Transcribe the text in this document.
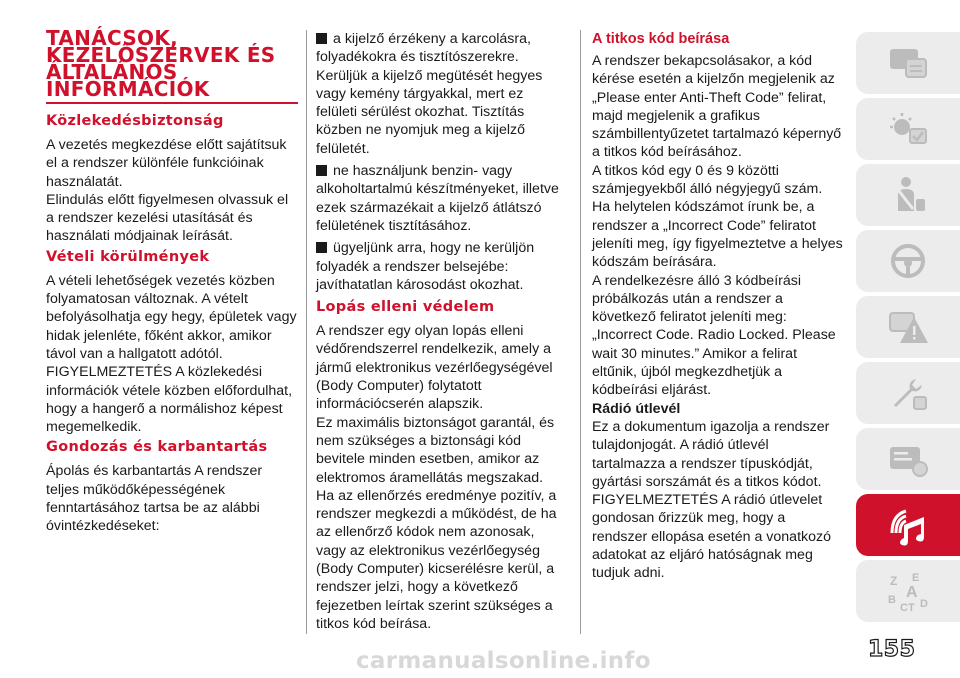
TANÁCSOK, KEZELŐSZERVEK ÉS ÁLTALÁNOS INFORMÁCIÓK
Közlekedésbiztonság
A vezetés megkezdése előtt sajátítsuk el a rendszer különféle funkcióinak használatát.
Elindulás előtt figyelmesen olvassuk el a rendszer kezelési utasítását és használati módjainak leírását.
Vételi körülmények
A vételi lehetőségek vezetés közben folyamatosan változnak. A vételt befolyásolhatja egy hegy, épületek vagy hidak jelenléte, főként akkor, amikor távol van a hallgatott adótól.
FIGYELMEZTETÉS A közlekedési információk vétele közben előfordulhat, hogy a hangerő a normálishoz képest megemelkedik.
Gondozás és karbantartás
Ápolás és karbantartás A rendszer teljes működőképességének fenntartásához tartsa be az alábbi óvintézkedéseket:
a kijelző érzékeny a karcolásra, folyadékokra és tisztítószerekre. Kerüljük a kijelző megütését hegyes vagy kemény tárgyakkal, mert ez felületi sérülést okozhat. Tisztítás közben ne nyomjuk meg a kijelző felületét.
ne használjunk benzin- vagy alkoholtartalmú készítményeket, illetve ezek származékait a kijelző átlátszó felületének tisztításához.
ügyeljünk arra, hogy ne kerüljön folyadék a rendszer belsejébe: javíthatatlan károsodást okozhat.
Lopás elleni védelem
A rendszer egy olyan lopás elleni védőrendszerrel rendelkezik, amely a jármű elektronikus vezérlőegységével (Body Computer) folytatott információcserén alapszik.
Ez maximális biztonságot garantál, és nem szükséges a biztonsági kód bevitele minden esetben, amikor az elektromos áramellátás megszakad. Ha az ellenőrzés eredménye pozitív, a rendszer megkezdi a működést, de ha az ellenőrző kódok nem azonosak, vagy az elektronikus vezérlőegység (Body Computer) kicserélésre kerül, a rendszer jelzi, hogy a következő fejezetben leírtak szerint szükséges a titkos kód beírása.
A titkos kód beírása
A rendszer bekapcsolásakor, a kód kérése esetén a kijelzőn megjelenik az „Please enter Anti-Theft Code” felirat, majd megjelenik a grafikus számbillentyűzetet tartalmazó képernyő a titkos kód beírásához.
A titkos kód egy 0 és 9 közötti számjegyekből álló négyjegyű szám.
Ha helytelen kódszámot írunk be, a rendszer a „Incorrect Code” feliratot jeleníti meg, így figyelmeztetve a helyes kódszám beírására.
A rendelkezésre álló 3 kódbeírási próbálkozás után a rendszer a következő feliratot jeleníti meg: „Incorrect Code. Radio Locked. Please wait 30 minutes.” Amikor a felirat eltűnik, újból megkezdhetjük a kódbeírási eljárást.
Rádió útlevél
Ez a dokumentum igazolja a rendszer tulajdonjogát. A rádió útlevél tartalmazza a rendszer típuskódját, gyártási sorszámát és a titkos kódot.
FIGYELMEZTETÉS A rádió útlevelet gondosan őrizzük meg, hogy a rendszer ellopása esetén a vonatkozó adatokat az eljáró hatóságnak meg tudjuk adni.	Z E
B A
C T D
155
carmanualsonline.info
